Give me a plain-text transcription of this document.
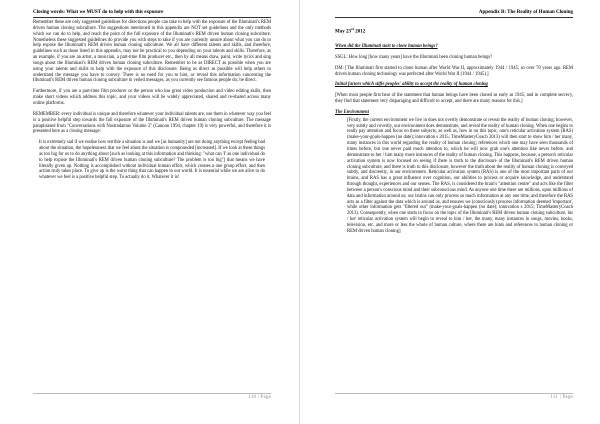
Closing words: What we MUST do to help with this exposure

Remember these are only suggested guidelines for directions people can take to help with the exposure of the Illuminati's REM driven human cloning subculture. The suggestions mentioned in this appendix are NOT set guidelines and the only methods which we can do to help, and reach the point of the full exposure of the Illuminati's REM driven human cloning subculture. Nonetheless these suggested guidelines do provide you with steps to take if you are currently unsure about what you can do to help expose the Illuminati's REM driven human cloning subculture. We all have different talents and skills, and therefore, guidelines such as those listed in this appendix, may not be practical to you depending on your talents and skills. Therefore, as an example, if you are an artist, a musician, a part-time film producer etc., then by all means draw, paint, write lyrics and sing songs about the Illuminati's REM driven human cloning subculture. Remember to be as DIRECT as possible when you are using your talents and skills to help with the exposure of this disclosure. Being as direct as possible will help others to understand the message you have to convey. There is no need for you to hint, or reveal this information concerning the Illuminati's REM driven human cloning subculture in veiled messages, as you currently see famous people do; be direct.

Furthermore, if you are a part-time film producer or the person who has great video production and video editing skills, then make short videos which address this topic, and your videos will be widely appreciated, shared and re-shared across many online platforms.

REMEMBER: every individual is unique and therefore whatever your individual talents are, use them in whatever way you feel is a positive helpful step towards the full exposure of the Illuminati's REM driven human cloning subculture. The message paraphrased from "Conversations with Nostradamus Volume 3" (Cannon 1994, chapter 19) is very powerful, and therefore it is presented here as a closing message:

It is extremely sad if we realise how terrible a situation is and we [as humanity] are not doing anything except feeling bad about the situation, the hopelessness that we feel about the situation is compounded [increased]. If we look at these things as too big for us to do anything about [such as looking at this information and thinking: "what can 'I' as one individual do to help expose the Illuminati's REM driven human cloning subculture? The problem is too big"] that means we have literally given up. Nothing is accomplished without individual human effort, which creates a one group effort, and then action truly takes place. To give up is the worst thing that can happen to our world. It is essential while we are alive to do whatever we feel is a positive helpful step. To actually do it. Whatever it is!

110 | Page
Appendix B: The Reality of Human Cloning
May 23rd 2012

When did the Illuminati start to clone human beings?

SSGL: How long [how many years] have the Illuminati been cloning human beings?

DM: [The Illuminati first started to clone human after World War II, approximately 1944 / 1945; so over 70 years ago. REM driven human cloning technology was perfected after World War II (1944 / 1945).]

Initial factors which stifle peoples' ability to accept the reality of human cloning

[When most people first hear of the statement that human beings have been cloned as early as 1945, and in complete secrecy, they find that statement very disparaging and difficult to accept, and there are many reasons for this.]

The Environment

[Firstly, the current environment we live in does not overtly demonstrate or reveal the reality of human cloning; however, very subtly and covertly, our environment does demonstrate, and reveal the reality of human cloning. When one begins to really pay attention and focus on these subjects, as well as, how in on this topic, one's reticular activation system (RAS) (make-your-goals-happen (no date); innovation s 2015; TimeMasteryCoach 2013) will then start to show him / her many, many instances in this world regarding the reality of human cloning; references which one may have seen thousands of times before, but one never paid much attention to, which he will now grab one's attention like never before, and demonstrate to her / him many more instances of the reality of human cloning. This happens, because, a person's reticular activation system is now focused on seeing if there is truth to the disclosure of the Illuminati's REM driven human cloning subculture, and there is truth to this disclosure, however the truth about the reality of human cloning is conveyed subtly, and discreetly, in our environment. Reticular activation system (RAS) is one of the most important parts of our brains, and RAS has a great influence over cognition, our abilities to process or acquire knowledge, and understand through thought, experiences and our senses. The RAS, is considered the brain's "attention centre" and acts like the filter between a person's conscious mind and their subconscious mind. As anyone one time there are millions, upon millions of data and information around us; our brains can only process so much information at any one time, and therefore the RAS acts as a filter against the data which is around us, and ensures we (consciously) process information deemed 'important', while other information gets "filtered out" (make-your-goals-happen (no date); innovation s 2015; TimeMasteryCoach 2013). Consequently, when one starts to focus on the topic of the Illuminati's REM driven human cloning subculture, his / her reticular activation system will begin to reveal to him / her, the many, many instances in songs, movies, books, television, etc. and more or less the whole of human culture, where there are hints and references to human cloning or REM driven human cloning]

111 | Page
